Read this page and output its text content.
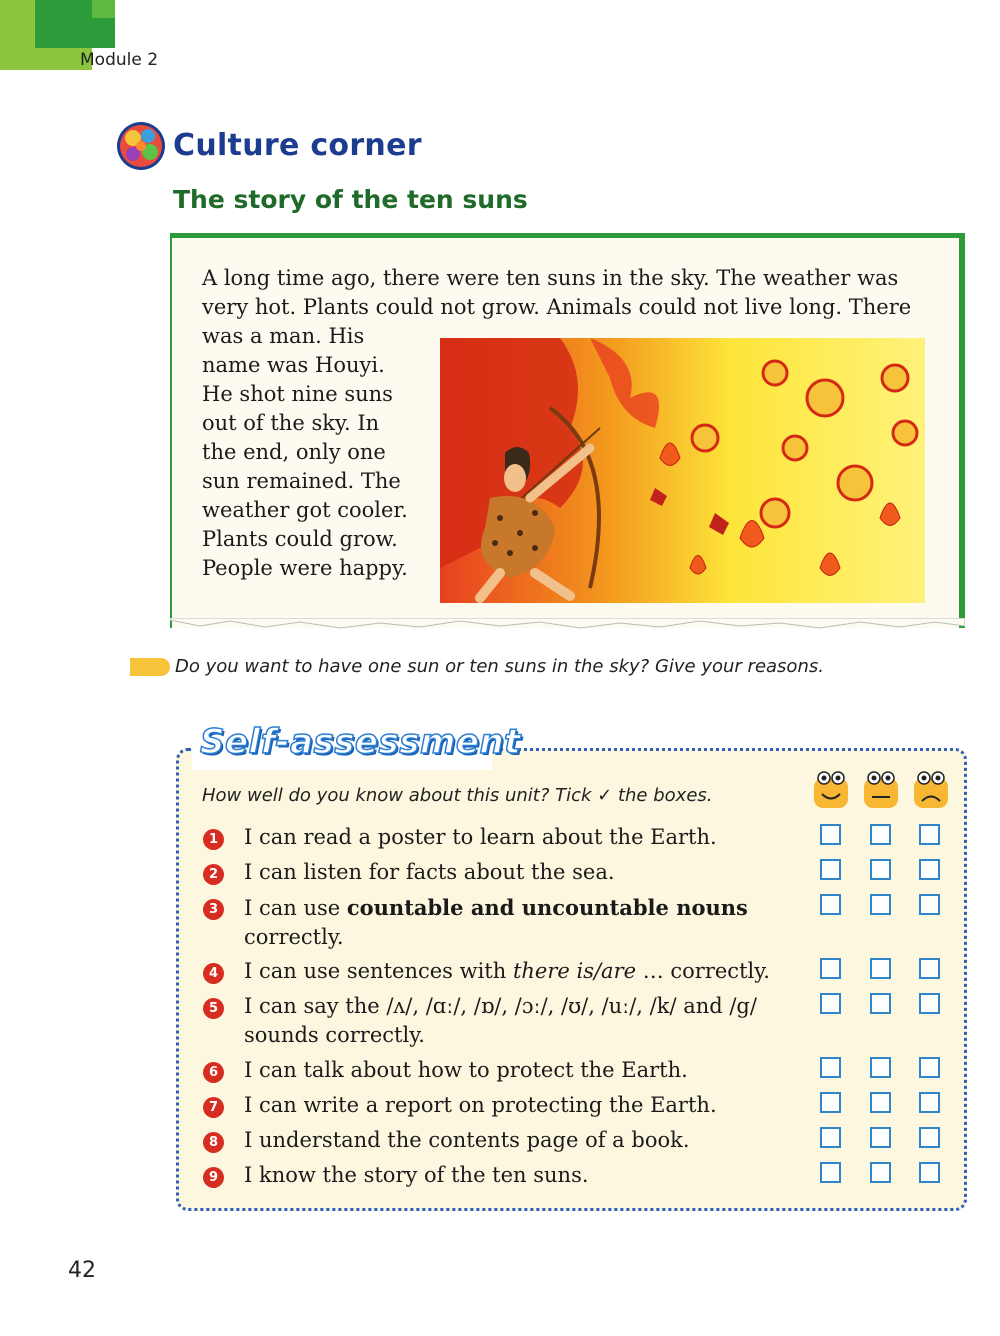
Module 2
Culture corner
The story of the ten suns
A long time ago, there were ten suns in the sky. The weather was
very hot. Plants could not grow. Animals could not live long. There
was a man. His
name was Houyi.
He shot nine suns
out of the sky. In
the end, only one
sun remained. The
weather got cooler.
Plants could grow.
People were happy.
Do you want to have one sun or ten suns in the sky? Give your reasons.
Self-assessment
How well do you know about this unit? Tick ✓ the boxes.
1 I can read a poster to learn about the Earth.
2 I can listen for facts about the sea.
3 I can use countable and uncountable nouns
correctly.
4 I can use sentences with there is/are … correctly.
5 I can say the /ʌ/, /ɑː/, /ɒ/, /ɔː/, /ʊ/, /uː/, /k/ and /g/
sounds correctly.
6 I can talk about how to protect the Earth.
7 I can write a report on protecting the Earth.
8 I understand the contents page of a book.
9 I know the story of the ten suns.
42
